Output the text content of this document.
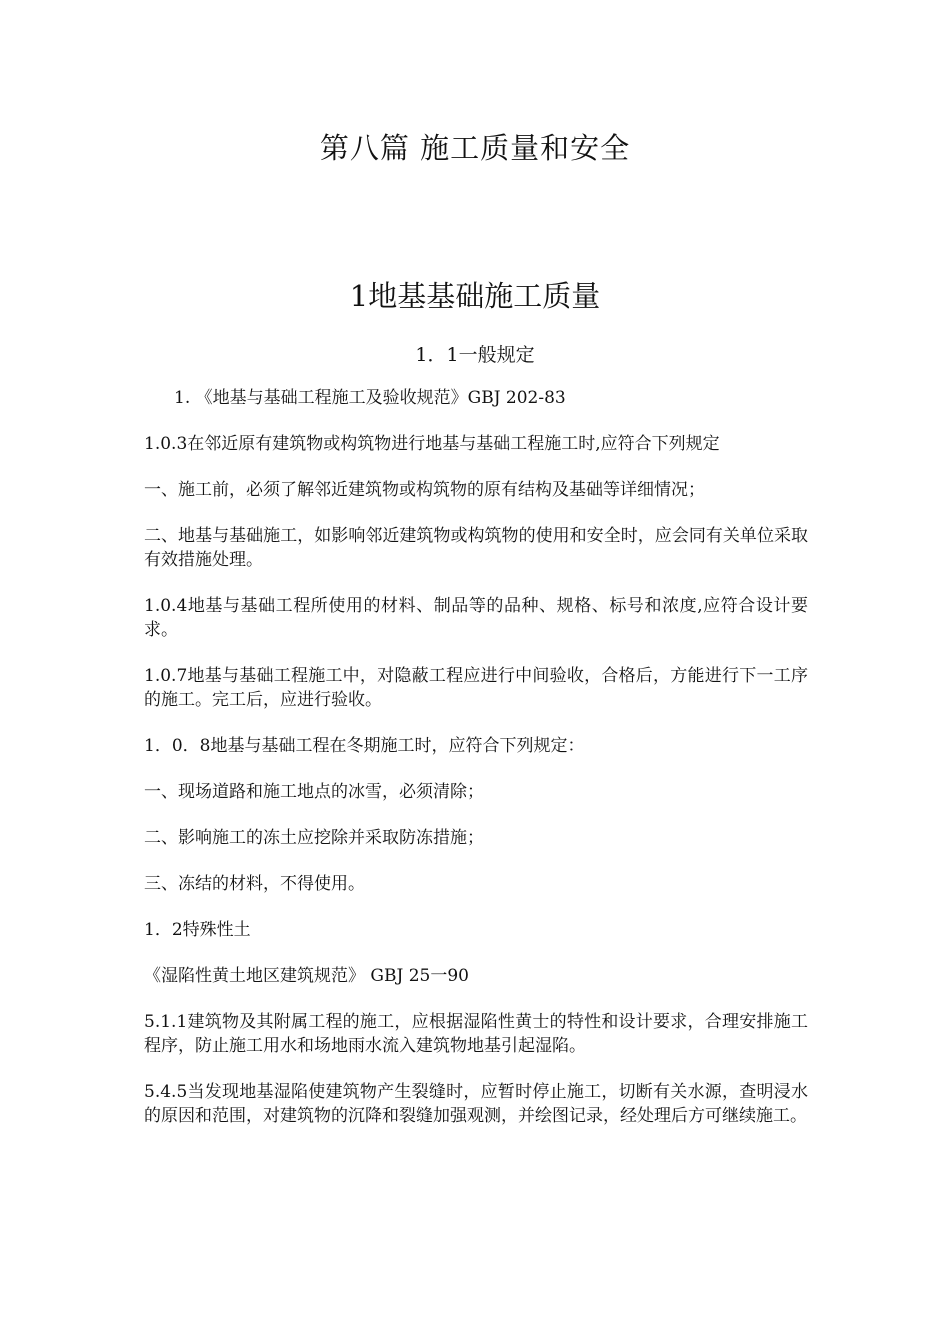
第八篇 施工质量和安全
1地基基础施工质量
1．1一般规定

1. 《地基与基础工程施工及验收规范》GBJ 202-83

1.0.3在邻近原有建筑物或构筑物进行地基与基础工程施工时,应符合下列规定

一、施工前，必须了解邻近建筑物或构筑物的原有结构及基础等详细情况；

二、地基与基础施工，如影响邻近建筑物或构筑物的使用和安全时，应会同有关单位采取有效措施处理。

1.0.4地基与基础工程所使用的材料、制品等的品种、规格、标号和浓度,应符合设计要求。

1.0.7地基与基础工程施工中，对隐蔽工程应进行中间验收，合格后，方能进行下一工序的施工。完工后，应进行验收。

1．0．8地基与基础工程在冬期施工时，应符合下列规定：

一、现场道路和施工地点的冰雪，必须清除；

二、影响施工的冻土应挖除并采取防冻措施；

三、冻结的材料，不得使用。

1．2特殊性土

《湿陷性黄土地区建筑规范》 GBJ 25一90

5.1.1建筑物及其附属工程的施工，应根据湿陷性黄士的特性和设计要求，合理安排施工程序，防止施工用水和场地雨水流入建筑物地基引起湿陷。

5.4.5当发现地基湿陷使建筑物产生裂缝时，应暂时停止施工，切断有关水源，查明浸水的原因和范围，对建筑物的沉降和裂缝加强观测，并绘图记录，经处理后方可继续施工。
